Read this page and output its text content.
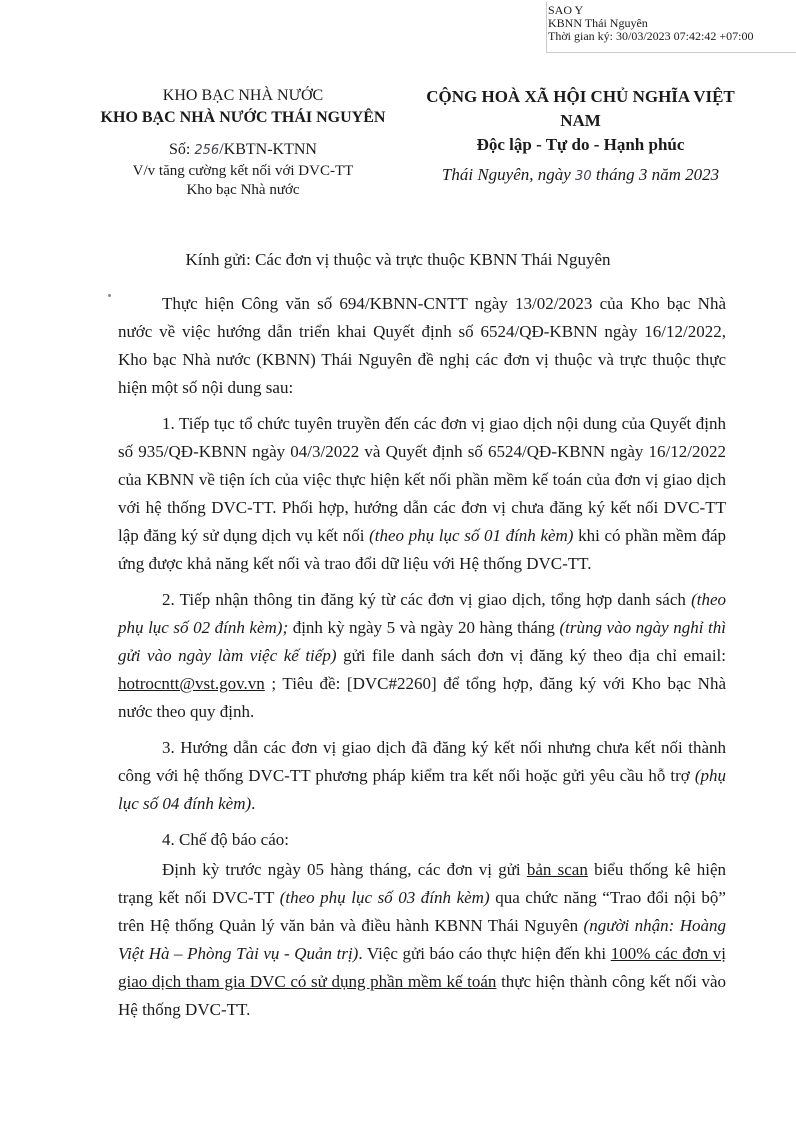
SAO Y
KBNN Thái Nguyên
Thời gian ký: 30/03/2023 07:42:42 +07:00
KHO BẠC NHÀ NƯỚC
KHO BẠC NHÀ NƯỚC THÁI NGUYÊN
Số: 256/KBTN-KTNN
V/v tăng cường kết nối với DVC-TT
Kho bạc Nhà nước
CỘNG HOÀ XÃ HỘI CHỦ NGHĨA VIỆT NAM
Độc lập - Tự do - Hạnh phúc
Thái Nguyên, ngày 30 tháng 3 năm 2023
Kính gửi: Các đơn vị thuộc và trực thuộc KBNN Thái Nguyên

Thực hiện Công văn số 694/KBNN-CNTT ngày 13/02/2023 của Kho bạc Nhà nước về việc hướng dẫn triển khai Quyết định số 6524/QĐ-KBNN ngày 16/12/2022, Kho bạc Nhà nước (KBNN) Thái Nguyên đề nghị các đơn vị thuộc và trực thuộc thực hiện một số nội dung sau:

1. Tiếp tục tổ chức tuyên truyền đến các đơn vị giao dịch nội dung của Quyết định số 935/QĐ-KBNN ngày 04/3/2022 và Quyết định số 6524/QĐ-KBNN ngày 16/12/2022 của KBNN về tiện ích của việc thực hiện kết nối phần mềm kế toán của đơn vị giao dịch với hệ thống DVC-TT. Phối hợp, hướng dẫn các đơn vị chưa đăng ký kết nối DVC-TT lập đăng ký sử dụng dịch vụ kết nối (theo phụ lục số 01 đính kèm) khi có phần mềm đáp ứng được khả năng kết nối và trao đổi dữ liệu với Hệ thống DVC-TT.

2. Tiếp nhận thông tin đăng ký từ các đơn vị giao dịch, tổng hợp danh sách (theo phụ lục số 02 đính kèm); định kỳ ngày 5 và ngày 20 hàng tháng (trùng vào ngày nghỉ thì gửi vào ngày làm việc kế tiếp) gửi file danh sách đơn vị đăng ký theo địa chỉ email: hotrocntt@vst.gov.vn ; Tiêu đề: [DVC#2260] để tổng hợp, đăng ký với Kho bạc Nhà nước theo quy định.

3. Hướng dẫn các đơn vị giao dịch đã đăng ký kết nối nhưng chưa kết nối thành công với hệ thống DVC-TT phương pháp kiểm tra kết nối hoặc gửi yêu cầu hỗ trợ (phụ lục số 04 đính kèm).

4. Chế độ báo cáo:

Định kỳ trước ngày 05 hàng tháng, các đơn vị gửi bản scan biểu thống kê hiện trạng kết nối DVC-TT (theo phụ lục số 03 đính kèm) qua chức năng “Trao đổi nội bộ” trên Hệ thống Quản lý văn bản và điều hành KBNN Thái Nguyên (người nhận: Hoàng Việt Hà – Phòng Tài vụ - Quản trị). Việc gửi báo cáo thực hiện đến khi 100% các đơn vị giao dịch tham gia DVC có sử dụng phần mềm kế toán thực hiện thành công kết nối vào Hệ thống DVC-TT.
